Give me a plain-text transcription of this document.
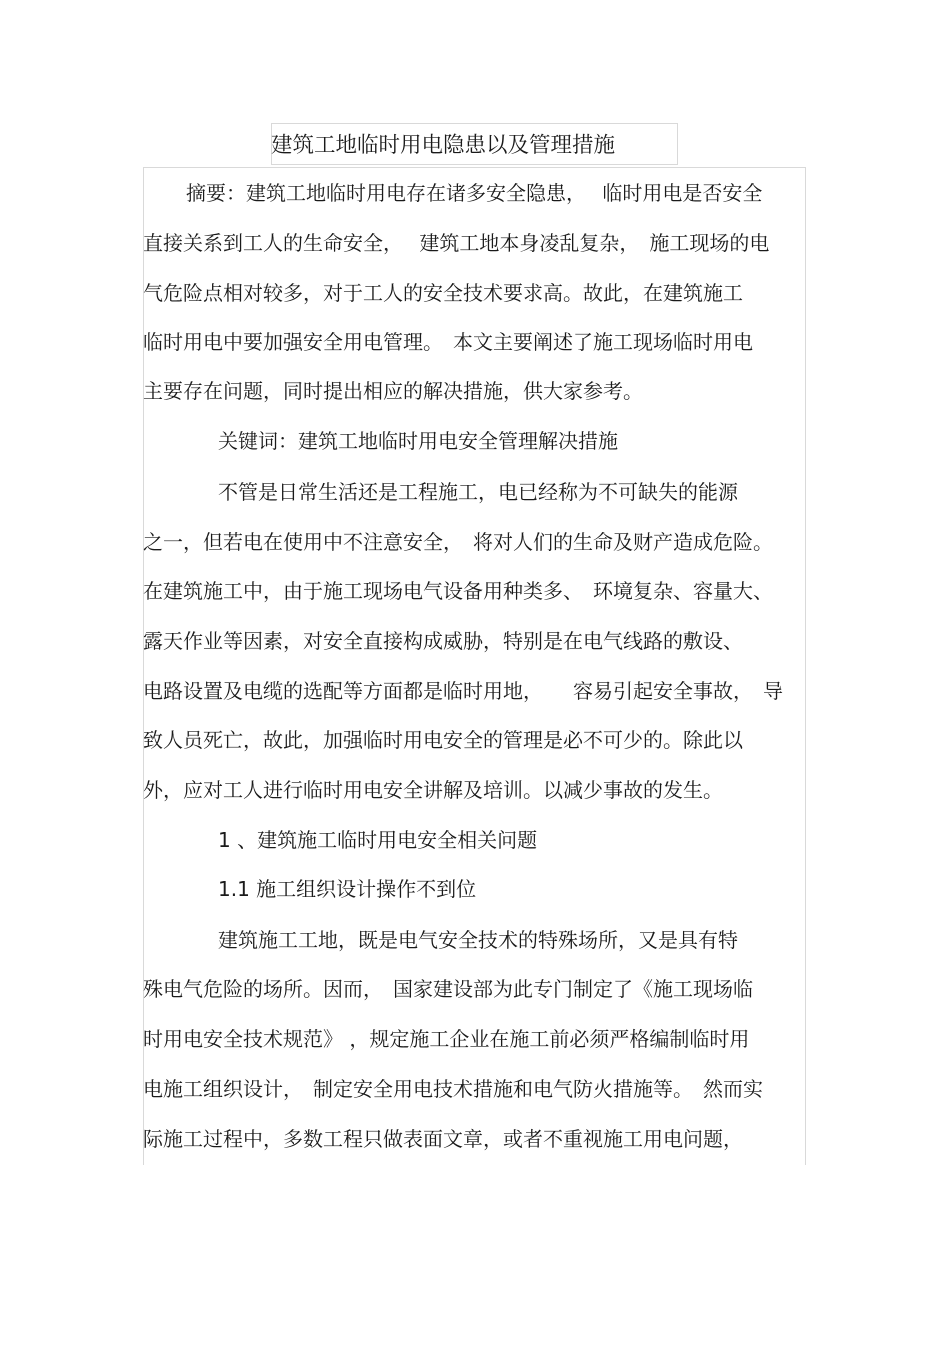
建筑工地临时用电隐患以及管理措施
摘要：建筑工地临时用电存在诸多安全隐患，　 临时用电是否安全
直接关系到工人的生命安全，　 建筑工地本身凌乱复杂，　施工现场的电
气危险点相对较多，对于工人的安全技术要求高。故此，在建筑施工
临时用电中要加强安全用电管理。　本文主要阐述了施工现场临时用电
主要存在问题，同时提出相应的解决措施，供大家参考。
关键词：建筑工地临时用电安全管理解决措施
不管是日常生活还是工程施工，电已经称为不可缺失的能源
之一，但若电在使用中不注意安全，　将对人们的生命及财产造成危险。
在建筑施工中，由于施工现场电气设备用种类多、　环境复杂、容量大、
露天作业等因素，对安全直接构成威胁，特别是在电气线路的敷设、
电路设置及电缆的选配等方面都是临时用地，　　容易引起安全事故，　导
致人员死亡，故此，加强临时用电安全的管理是必不可少的。除此以
外，应对工人进行临时用电安全讲解及培训。以减少事故的发生。
1 、建筑施工临时用电安全相关问题
1.1 施工组织设计操作不到位
建筑施工工地，既是电气安全技术的特殊场所，又是具有特
殊电气危险的场所。因而，　国家建设部为此专门制定了《施工现场临
时用电安全技术规范》 ，规定施工企业在施工前必须严格编制临时用
电施工组织设计，　制定安全用电技术措施和电气防火措施等。　然而实
际施工过程中，多数工程只做表面文章，或者不重视施工用电问题，
